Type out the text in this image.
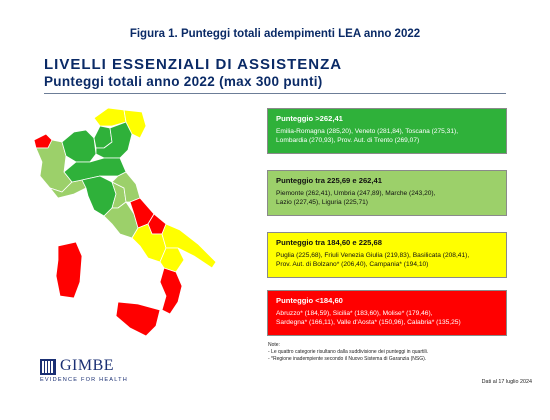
Figura 1. Punteggi totali adempimenti LEA anno 2022
LIVELLI ESSENZIALI DI ASSISTENZA
Punteggi totali anno 2022 (max 300 punti)
Punteggio >262,41
Emilia-Romagna (285,20), Veneto (281,84), Toscana (275,31),
Lombardia (270,93), Prov. Aut. di Trento (269,07)
Punteggio tra 225,69 e 262,41
Piemonte (262,41), Umbria (247,89), Marche (243,20),
Lazio (227,45), Liguria (225,71)
Punteggio tra 184,60 e 225,68
Puglia (225,68), Friuli Venezia Giulia (219,83), Basilicata (208,41),
Prov. Aut. di Bolzano* (206,40), Campania* (194,10)
Punteggio <184,60
Abruzzo* (184,59), Sicilia* (183,60), Molise* (179,46),
Sardegna* (166,11), Valle d'Aosta* (150,96), Calabria* (135,25)
Note:
- Le quattro categorie risultano dalla suddivisione dei punteggi in quartili.
- *Regione inadempiente secondo il Nuovo Sistema di Garanzia (NSG).
GIMBE
EVIDENCE FOR HEALTH	Dati al 17 luglio 2024
